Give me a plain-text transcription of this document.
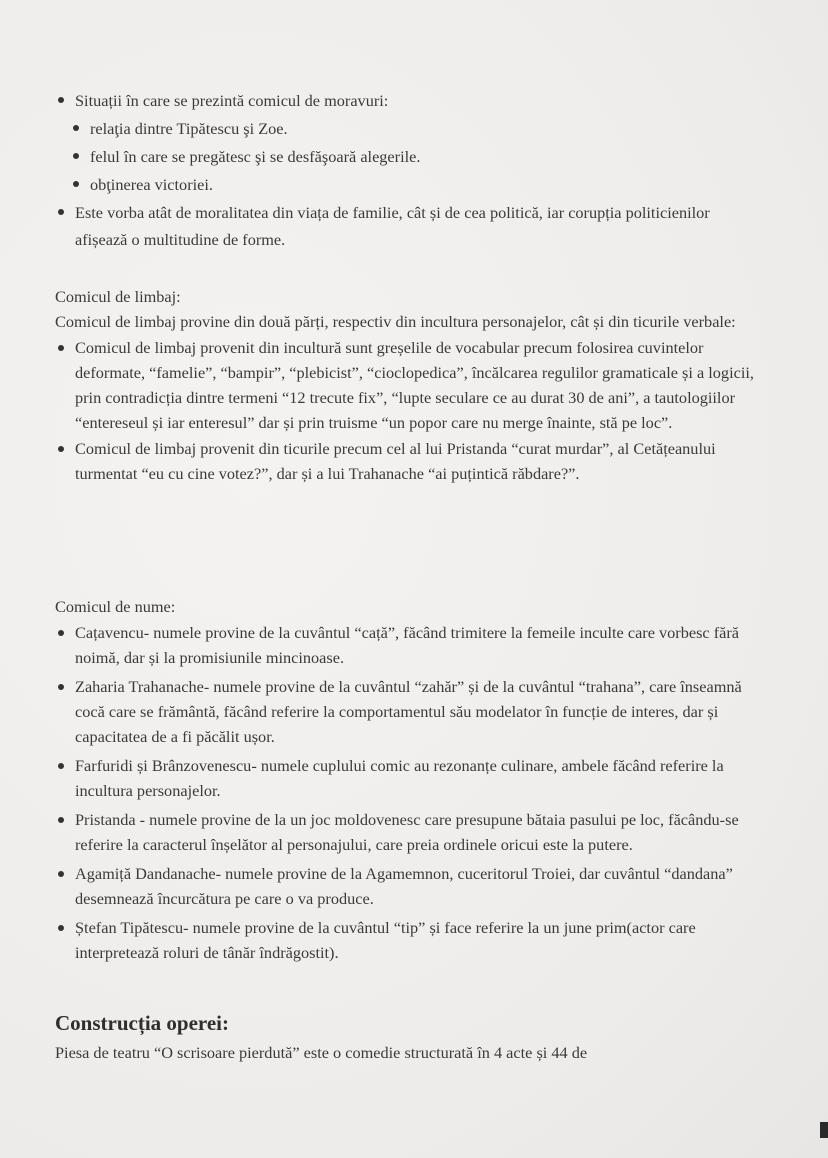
Situații în care se prezintă comicul de moravuri:
relaţia dintre Tipătescu şi Zoe.
felul în care se pregătesc şi se desfăşoară alegerile.
obţinerea victoriei.
Este vorba atât de moralitatea din viața de familie, cât și de cea politică, iar corupția politicienilor afișează o multitudine de forme.

Comicul de limbaj:

Comicul de limbaj provine din două părți, respectiv din incultura personajelor, cât și din ticurile verbale:

Comicul de limbaj provenit din incultură sunt greșelile de vocabular precum folosirea cuvintelor deformate, “famelie”, “bampir”, “plebicist”, “cioclopedica”, încălcarea regulilor gramaticale și a logicii, prin contradicția dintre termeni “12 trecute fix”, “lupte seculare ce au durat 30 de ani”, a tautologiilor “entereseul și iar enteresul” dar și prin truisme “un popor care nu merge înainte, stă pe loc”.
Comicul de limbaj provenit din ticurile precum cel al lui Pristanda “curat murdar”, al Cetățeanului turmentat “eu cu cine votez?”, dar și a lui Trahanache “ai puțintică răbdare?”.

Comicul de nume:

Cațavencu- numele provine de la cuvântul “cață”, făcând trimitere la femeile inculte care vorbesc fără noimă, dar și la promisiunile mincinoase.
Zaharia Trahanache- numele provine de la cuvântul “zahăr” și de la cuvântul “trahana”, care înseamnă cocă care se frământă, făcând referire la comportamentul său modelator în funcție de interes, dar și capacitatea de a fi păcălit ușor.
Farfuridi și Brânzovenescu- numele cuplului comic au rezonanțe culinare, ambele făcând referire la incultura personajelor.
Pristanda - numele provine de la un joc moldovenesc care presupune bătaia pasului pe loc, făcându-se referire la caracterul înșelător al personajului, care preia ordinele oricui este la putere.
Agamiță Dandanache- numele provine de la Agamemnon, cuceritorul Troiei, dar cuvântul “dandana” desemnează încurcătura pe care o va produce.
Ștefan Tipătescu- numele provine de la cuvântul “tip” și face referire la un june prim(actor care interpretează roluri de tânăr îndrăgostit).
Construcția operei:

Piesa de teatru “O scrisoare pierdută” este o comedie structurată în 4 acte și 44 de
